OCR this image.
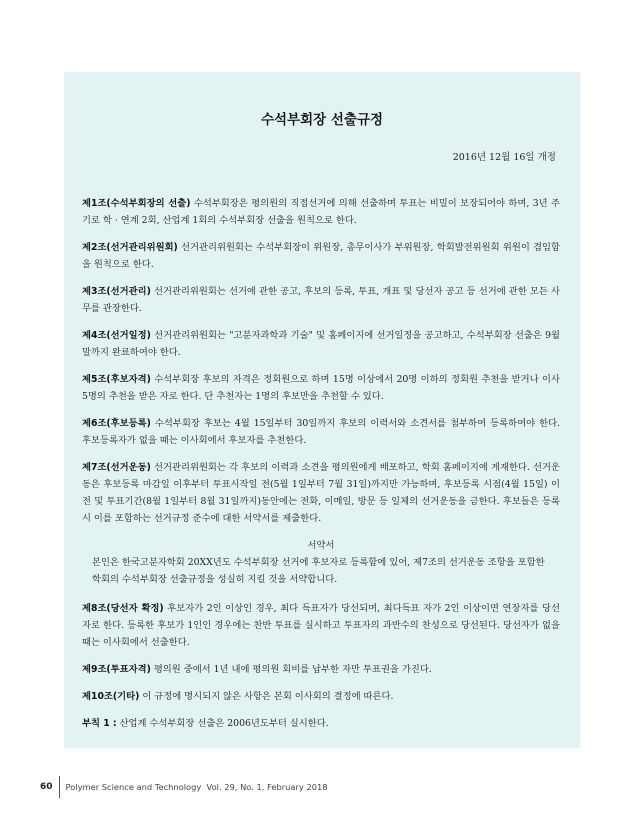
수석부회장 선출규정
2016년 12월 16일 개정

제1조(수석부회장의 선출) 수석부회장은 평의원의 직접선거에 의해 선출하며 투표는 비밀이 보장되어야 하며, 3년 주기로 학 · 연계 2회, 산업계 1회의 수석부회장 선출을 원칙으로 한다.

제2조(선거관리위원회) 선거관리위원회는 수석부회장이 위원장, 총무이사가 부위원장, 학회발전위원회 위원이 겸임함을 원칙으로 한다.

제3조(선거관리) 선거관리위원회는 선거에 관한 공고, 후보의 등록, 투표, 개표 및 당선자 공고 등 선거에 관한 모든 사무를 관장한다.

제4조(선거일정) 선거관리위원회는 "고분자과학과 기술" 및 홈페이지에 선거일정을 공고하고, 수석부회장 선출은 9월 말까지 완료하여야 한다.

제5조(후보자격) 수석부회장 후보의 자격은 정회원으로 하며 15명 이상에서 20명 이하의 정회원 추천을 받거나 이사 5명의 추천을 받은 자로 한다. 단 추천자는 1명의 후보만을 추천할 수 있다.

제6조(후보등록) 수석부회장 후보는 4월 15일부터 30일까지 후보의 이력서와 소견서를 첨부하여 등록하여야 한다. 후보등록자가 없을 때는 이사회에서 후보자를 추천한다.

제7조(선거운동) 선거관리위원회는 각 후보의 이력과 소견을 평의원에게 배포하고, 학회 홈페이지에 게재한다. 선거운동은 후보등록 마감일 이후부터 투표시작일 전(5월 1일부터 7월 31일)까지만 가능하며, 후보등록 시점(4월 15일) 이전 및 투표기간(8월 1일부터 8월 31일까지)동안에는 전화, 이메일, 방문 등 일체의 선거운동을 금한다. 후보들은 등록 시 이를 포함하는 선거규정 준수에 대한 서약서를 제출한다.

서약서
본인은 한국고분자학회 20XX년도 수석부회장 선거에 후보자로 등록함에 있어, 제7조의 선거운동 조항을 포함한 학회의 수석부회장 선출규정을 성실히 지킬 것을 서약합니다.

제8조(당선자 확정) 후보자가 2인 이상인 경우, 최다 득표자가 당선되며, 최다득표 자가 2인 이상이면 연장자를 당선자로 한다. 등록한 후보가 1인인 경우에는 찬반 투표를 실시하고 투표자의 과반수의 찬성으로 당선된다. 당선자가 없을 때는 이사회에서 선출한다.

제9조(투표자격) 평의원 중에서 1년 내에 평의원 회비를 납부한 자만 투표권을 가진다.

제10조(기타) 이 규정에 명시되지 않은 사항은 본회 이사회의 결정에 따른다.

부칙 1 : 산업계 수석부회장 선출은 2006년도부터 실시한다.

60 Polymer Science and Technology  Vol. 29, No. 1, February 2018
